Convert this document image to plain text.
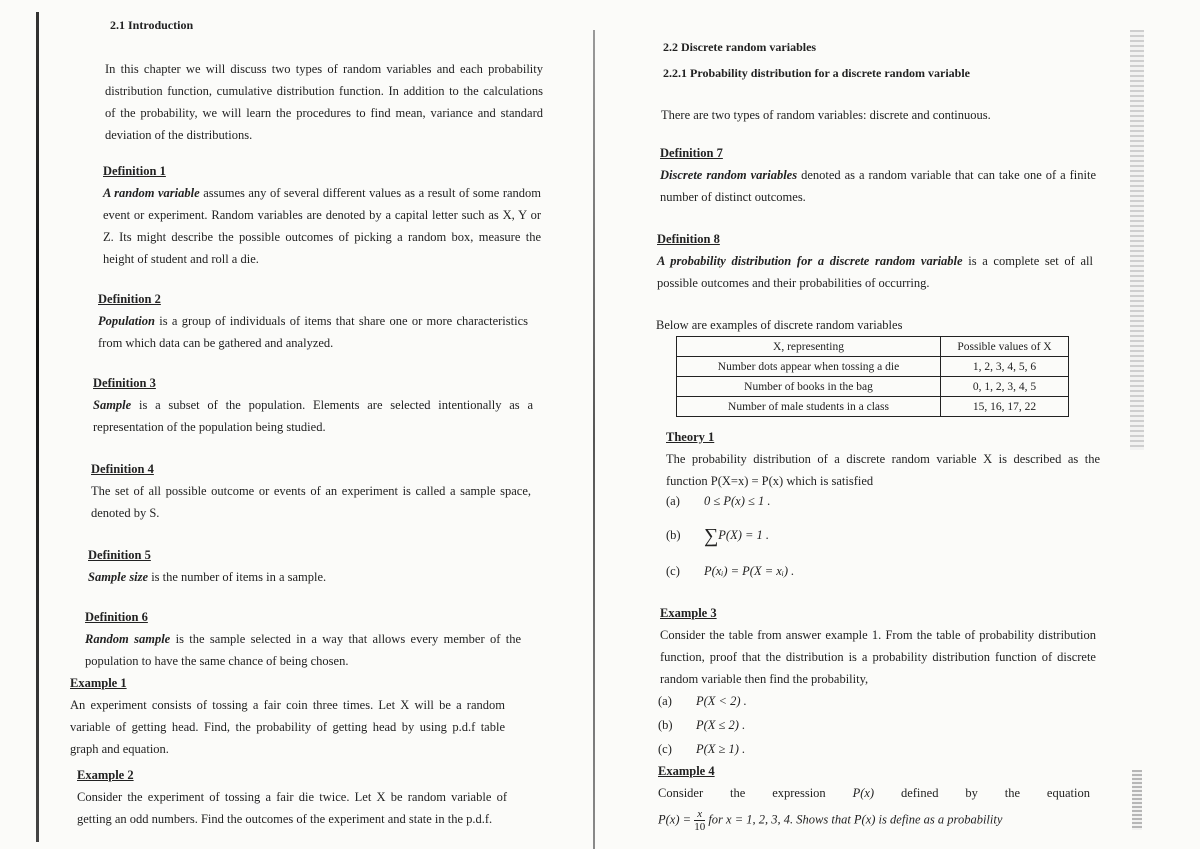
2.1 Introduction
In this chapter we will discuss two types of random variables and each probability distribution function, cumulative distribution function. In addition to the calculations of the probability, we will learn the procedures to find mean, variance and standard deviation of the distributions.
Definition 1

A random variable assumes any of several different values as a result of some random event or experiment. Random variables are denoted by a capital letter such as X, Y or Z. Its might describe the possible outcomes of picking a random box, measure the height of student and roll a die.

Definition 2

Population is a group of individuals of items that share one or more characteristics from which data can be gathered and analyzed.

Definition 3

Sample is a subset of the population. Elements are selected intentionally as a representation of the population being studied.

Definition 4

The set of all possible outcome or events of an experiment is called a sample space, denoted by S.

Definition 5

Sample size is the number of items in a sample.

Definition 6

Random sample is the sample selected in a way that allows every member of the population to have the same chance of being chosen.

Example 1

An experiment consists of tossing a fair coin three times. Let X will be a random variable of getting head. Find, the probability of getting head by using p.d.f table graph and equation.

Example 2

Consider the experiment of tossing a fair die twice. Let X be random variable of getting an odd numbers. Find the outcomes of the experiment and state in the p.d.f.

2.2 Discrete random variables
2.2.1 Probability distribution for a discrete random variable
There are two types of random variables: discrete and continuous.
Definition 7

Discrete random variables denoted as a random variable that can take one of a finite number of distinct outcomes.

Definition 8

A probability distribution for a discrete random variable is a complete set of all possible outcomes and their probabilities of occurring.

Below are examples of discrete random variables
X, representing	Possible values of X
Number dots appear when tossing a die	1, 2, 3, 4, 5, 6
Number of books in the bag	0, 1, 2, 3, 4, 5
Number of male students in a class	15, 16, 17, 22
Theory 1

The probability distribution of a discrete random variable X is described as the function P(X=x) = P(x) which is satisfied

(a) 0 ≤ P(x) ≤ 1 .
(b) ∑P(X) = 1 .
(c) P(xᵢ) = P(X = xᵢ) .
Example 3

Consider the table from answer example 1. From the table of probability distribution function, proof that the distribution is a probability distribution function of discrete random variable then find the probability,

(a) P(X < 2) .
(b) P(X ≤ 2) .
(c) P(X ≥ 1) .
Example 4
Consider the expression P(x) defined by the equation
$P(x) = \frac{x}{10}$ for x = 1, 2, 3, 4. Shows that P(x) is define as a probability
